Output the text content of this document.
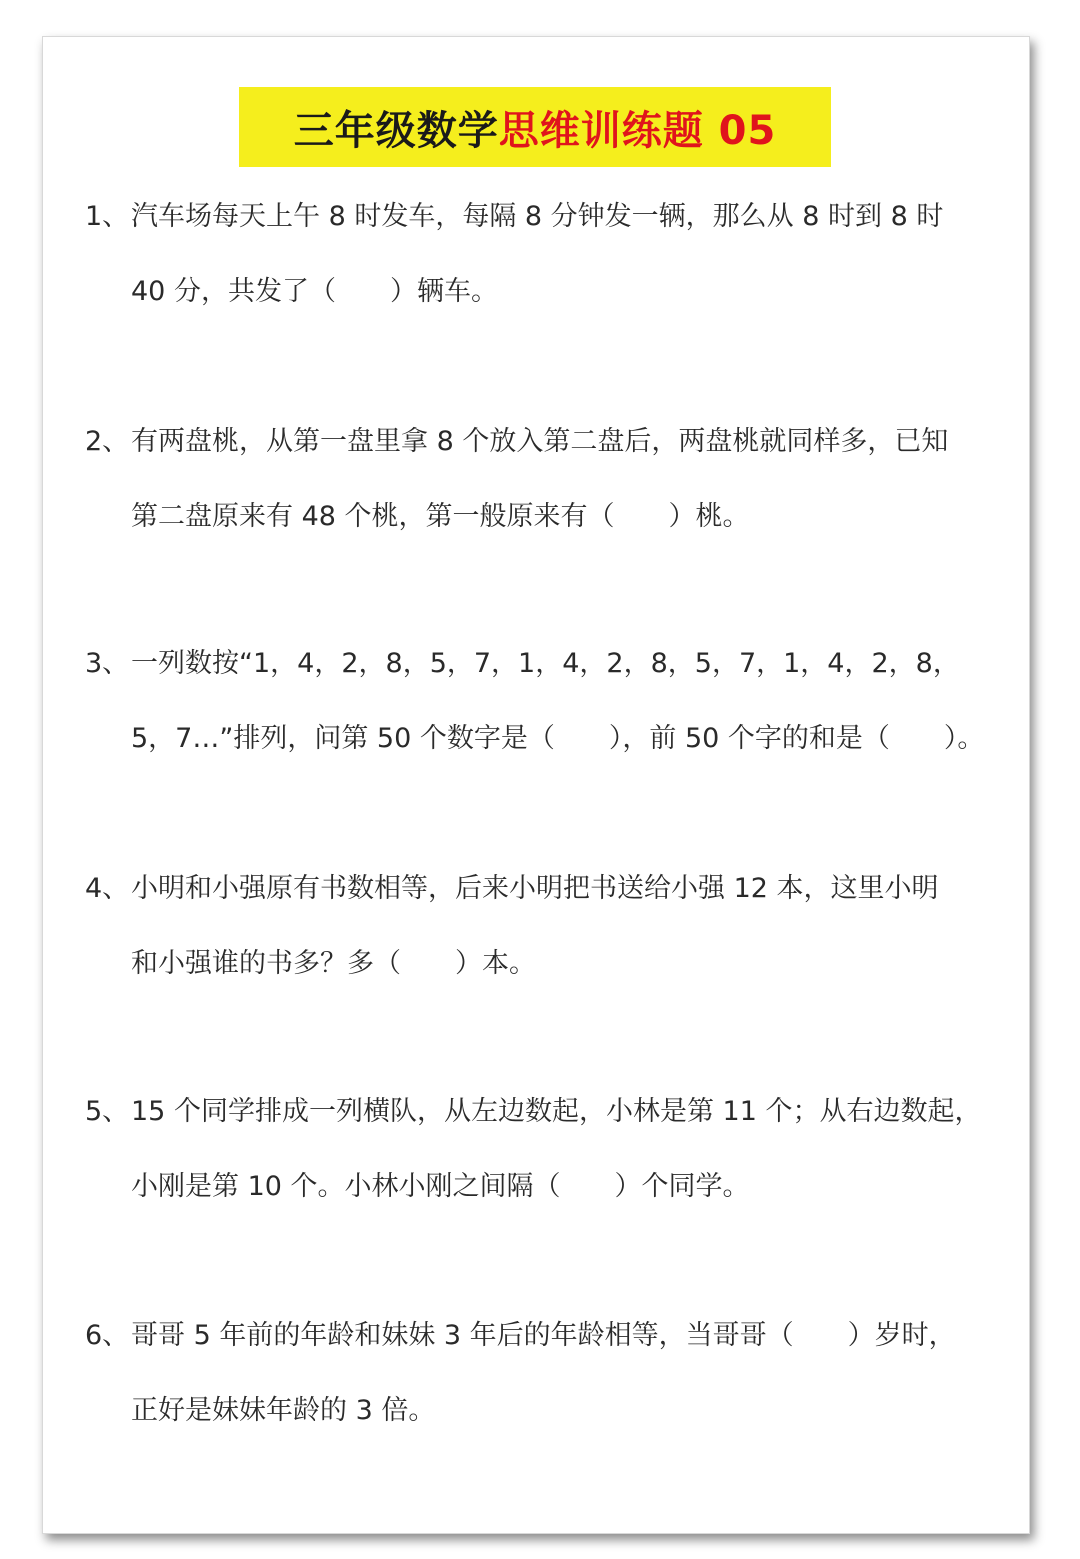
三年级数学思维训练题 05
1、 汽车场每天上午 8 时发车，每隔 8 分钟发一辆，那么从 8 时到 8 时
40 分，共发了（　　）辆车。
2、 有两盘桃，从第一盘里拿 8 个放入第二盘后，两盘桃就同样多，已知
第二盘原来有 48 个桃，第一般原来有（　　）桃。
3、 一列数按“1，4，2，8，5，7，1，4，2，8，5，7，1，4，2，8，
5，7…”排列，问第 50 个数字是（　　），前 50 个字的和是（　　）。
4、 小明和小强原有书数相等，后来小明把书送给小强 12 本，这里小明
和小强谁的书多？多（　　）本。
5、 15 个同学排成一列横队，从左边数起，小林是第 11 个；从右边数起，
小刚是第 10 个。小林小刚之间隔（　　）个同学。
6、 哥哥 5 年前的年龄和妹妹 3 年后的年龄相等，当哥哥（　　）岁时，
正好是妹妹年龄的 3 倍。
